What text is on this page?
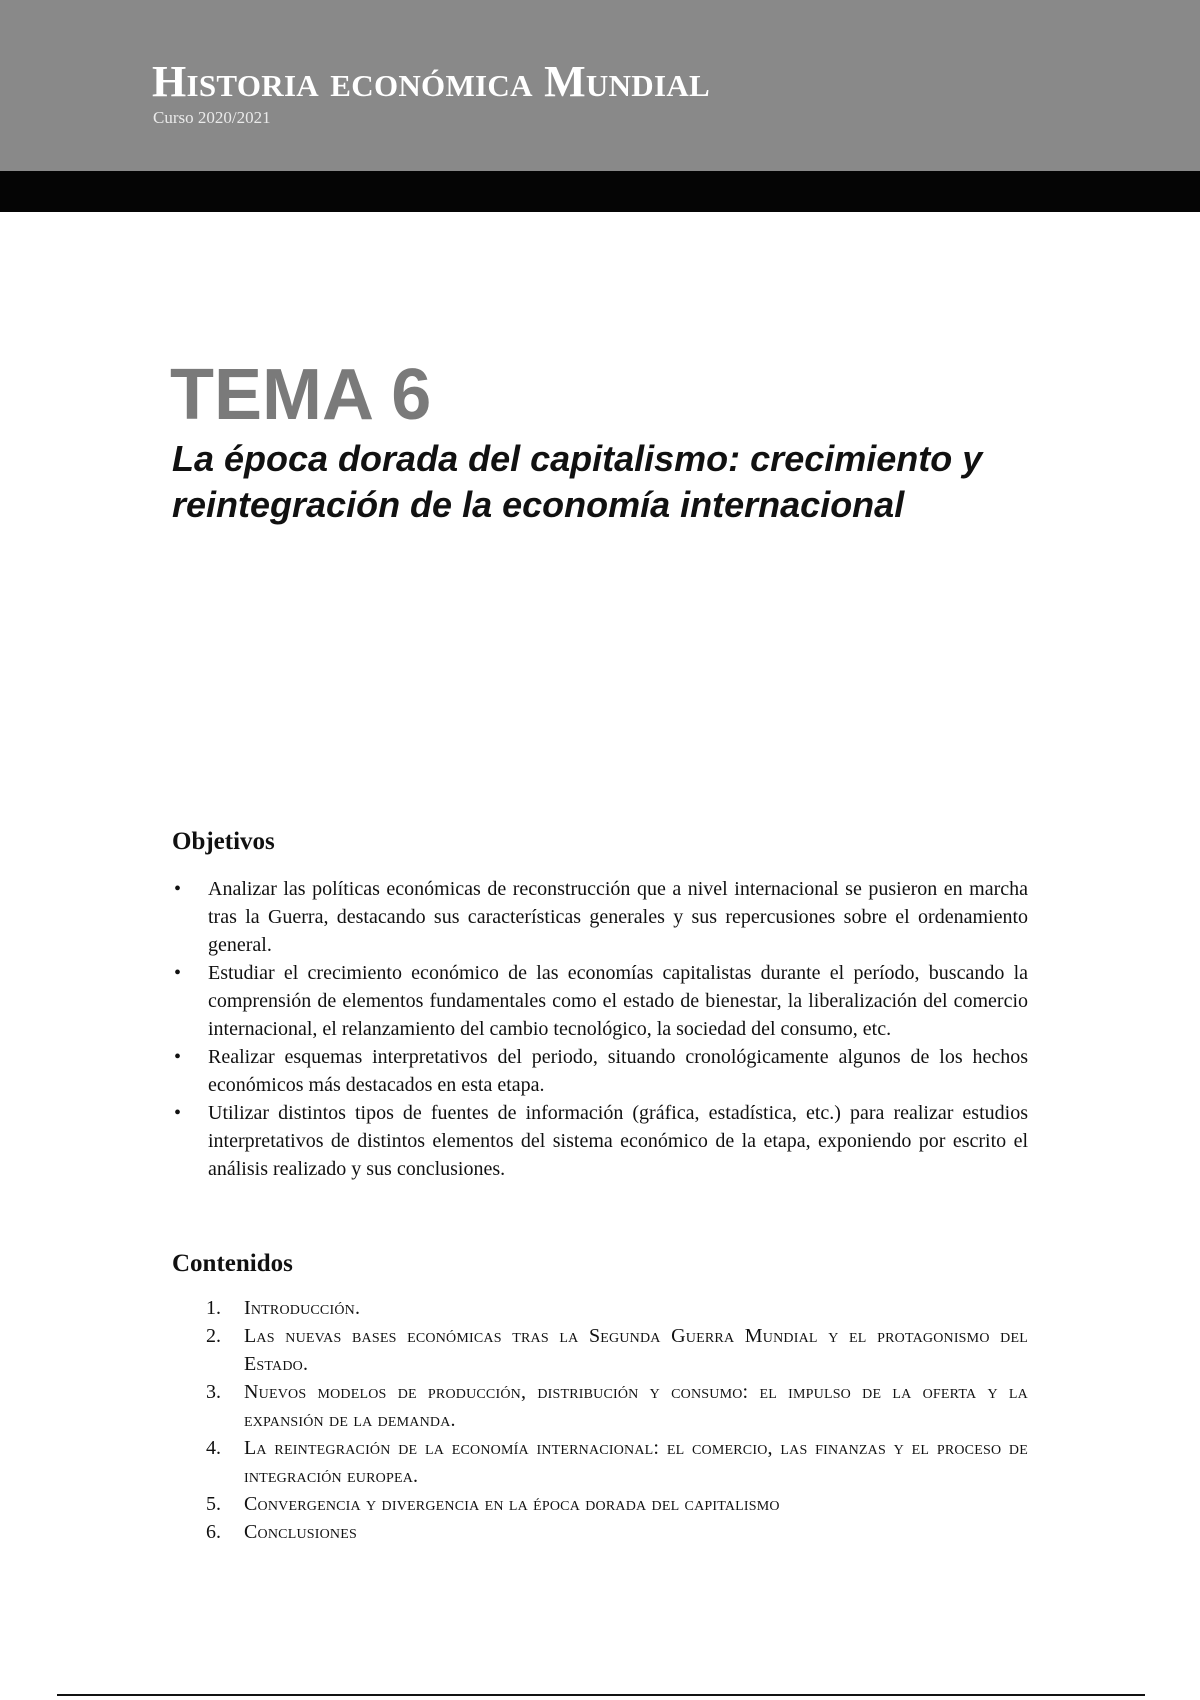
Historia económica Mundial
Curso 2020/2021
TEMA 6
La época dorada del capitalismo: crecimiento y reintegración de la economía internacional
Objetivos
• Analizar las políticas económicas de reconstrucción que a nivel internacional se pusieron en marcha tras la Guerra, destacando sus características generales y sus repercusiones sobre el ordenamiento general.
• Estudiar el crecimiento económico de las economías capitalistas durante el período, buscando la comprensión de elementos fundamentales como el estado de bienestar, la liberalización del comercio internacional, el relanzamiento del cambio tecnológico, la sociedad del consumo, etc.
• Realizar esquemas interpretativos del periodo, situando cronológicamente algunos de los hechos económicos más destacados en esta etapa.
• Utilizar distintos tipos de fuentes de información (gráfica, estadística, etc.) para realizar estudios interpretativos de distintos elementos del sistema económico de la etapa, exponiendo por escrito el análisis realizado y sus conclusiones.
Contenidos
1. Introducción.
2. Las nuevas bases económicas tras la Segunda Guerra Mundial y el protagonismo del Estado.
3. Nuevos modelos de producción, distribución y consumo: el impulso de la oferta y la expansión de la demanda.
4. La reintegración de la economía internacional: el comercio, las finanzas y el proceso de integración europea.
5. Convergencia y divergencia en la época dorada del capitalismo
6. Conclusiones
